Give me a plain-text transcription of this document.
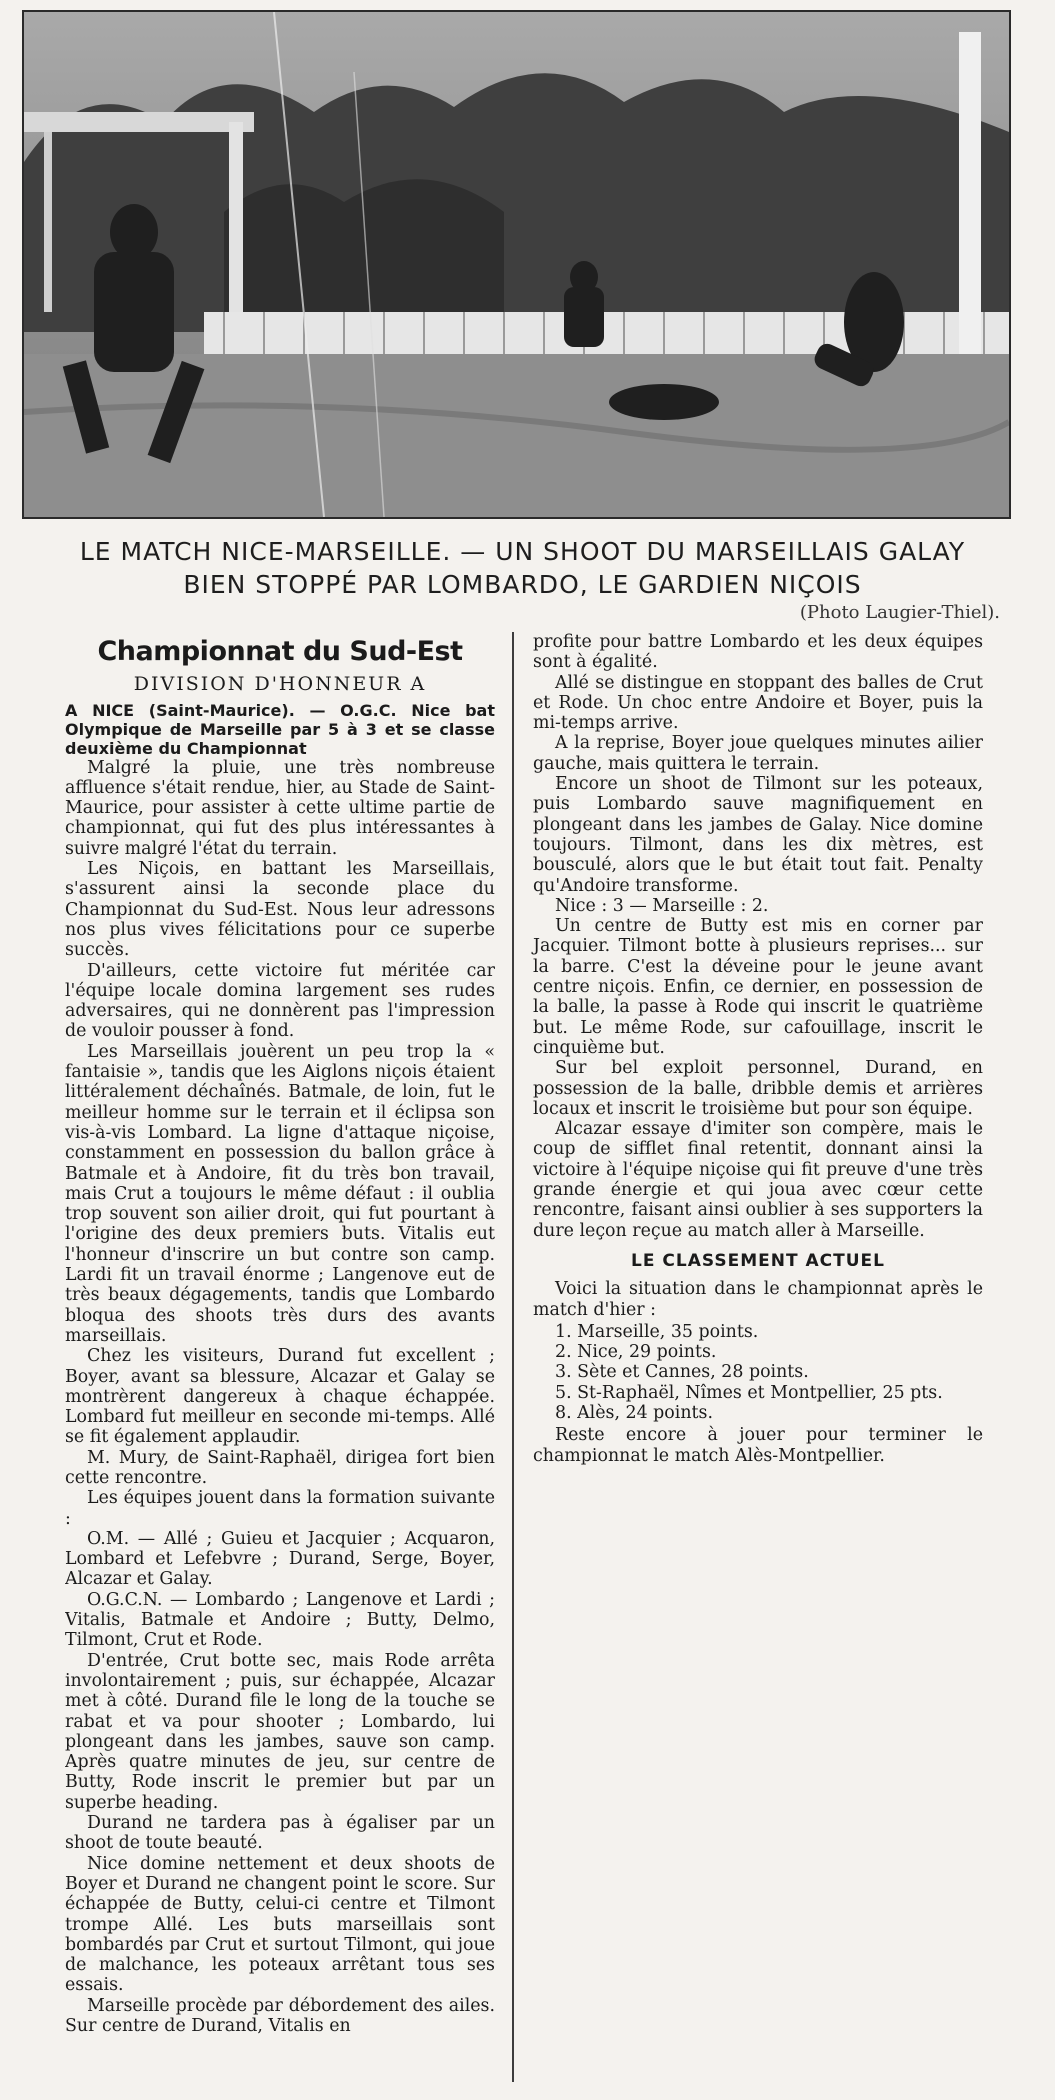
LE MATCH NICE-MARSEILLE. — UN SHOOT DU MARSEILLAIS GALAY
BIEN STOPPÉ PAR LOMBARDO, LE GARDIEN NIÇOIS
(Photo Laugier-Thiel).
Championnat du Sud-Est
DIVISION D'HONNEUR A

A NICE (Saint-Maurice). — O.G.C. Nice bat Olympique de Marseille par 5 à 3 et se classe deuxième du Championnat

Malgré la pluie, une très nombreuse affluence s'était rendue, hier, au Stade de Saint-Maurice, pour assister à cette ultime partie de championnat, qui fut des plus intéressantes à suivre malgré l'état du terrain.

Les Niçois, en battant les Marseillais, s'assurent ainsi la seconde place du Championnat du Sud-Est. Nous leur adressons nos plus vives félicitations pour ce superbe succès.

D'ailleurs, cette victoire fut méritée car l'équipe locale domina largement ses rudes adversaires, qui ne donnèrent pas l'impression de vouloir pousser à fond.

Les Marseillais jouèrent un peu trop la « fantaisie », tandis que les Aiglons niçois étaient littéralement déchaînés. Batmale, de loin, fut le meilleur homme sur le terrain et il éclipsa son vis-à-vis Lombard. La ligne d'attaque niçoise, constamment en possession du ballon grâce à Batmale et à Andoire, fit du très bon travail, mais Crut a toujours le même défaut : il oublia trop souvent son ailier droit, qui fut pourtant à l'origine des deux premiers buts. Vitalis eut l'honneur d'inscrire un but contre son camp. Lardi fit un travail énorme ; Langenove eut de très beaux dégagements, tandis que Lombardo bloqua des shoots très durs des avants marseillais.

Chez les visiteurs, Durand fut excellent ; Boyer, avant sa blessure, Alcazar et Galay se montrèrent dangereux à chaque échappée. Lombard fut meilleur en seconde mi-temps. Allé se fit également applaudir.

M. Mury, de Saint-Raphaël, dirigea fort bien cette rencontre.

Les équipes jouent dans la formation suivante :

O.M. — Allé ; Guieu et Jacquier ; Acquaron, Lombard et Lefebvre ; Durand, Serge, Boyer, Alcazar et Galay.

O.G.C.N. — Lombardo ; Langenove et Lardi ; Vitalis, Batmale et Andoire ; Butty, Delmo, Tilmont, Crut et Rode.

D'entrée, Crut botte sec, mais Rode arrêta involontairement ; puis, sur échappée, Alcazar met à côté. Durand file le long de la touche se rabat et va pour shooter ; Lombardo, lui plongeant dans les jambes, sauve son camp. Après quatre minutes de jeu, sur centre de Butty, Rode inscrit le premier but par un superbe heading.

Durand ne tardera pas à égaliser par un shoot de toute beauté.

Nice domine nettement et deux shoots de Boyer et Durand ne changent point le score. Sur échappée de Butty, celui-ci centre et Tilmont trompe Allé. Les buts marseillais sont bombardés par Crut et surtout Tilmont, qui joue de malchance, les poteaux arrêtant tous ses essais.

Marseille procède par débordement des ailes. Sur centre de Durand, Vitalis en

profite pour battre Lombardo et les deux équipes sont à égalité.

Allé se distingue en stoppant des balles de Crut et Rode. Un choc entre Andoire et Boyer, puis la mi-temps arrive.

A la reprise, Boyer joue quelques minutes ailier gauche, mais quittera le terrain.

Encore un shoot de Tilmont sur les poteaux, puis Lombardo sauve magnifiquement en plongeant dans les jambes de Galay. Nice domine toujours. Tilmont, dans les dix mètres, est bousculé, alors que le but était tout fait. Penalty qu'Andoire transforme.

Nice : 3 — Marseille : 2.

Un centre de Butty est mis en corner par Jacquier. Tilmont botte à plusieurs reprises... sur la barre. C'est la déveine pour le jeune avant centre niçois. Enfin, ce dernier, en possession de la balle, la passe à Rode qui inscrit le quatrième but. Le même Rode, sur cafouillage, inscrit le cinquième but.

Sur bel exploit personnel, Durand, en possession de la balle, dribble demis et arrières locaux et inscrit le troisième but pour son équipe.

Alcazar essaye d'imiter son compère, mais le coup de sifflet final retentit, donnant ainsi la victoire à l'équipe niçoise qui fit preuve d'une très grande énergie et qui joua avec cœur cette rencontre, faisant ainsi oublier à ses supporters la dure leçon reçue au match aller à Marseille.

LE CLASSEMENT ACTUEL

Voici la situation dans le championnat après le match d'hier :

1. Marseille, 35 points.
2. Nice, 29 points.
3. Sète et Cannes, 28 points.
5. St-Raphaël, Nîmes et Montpellier, 25 pts.
8. Alès, 24 points.

Reste encore à jouer pour terminer le championnat le match Alès-Montpellier.
